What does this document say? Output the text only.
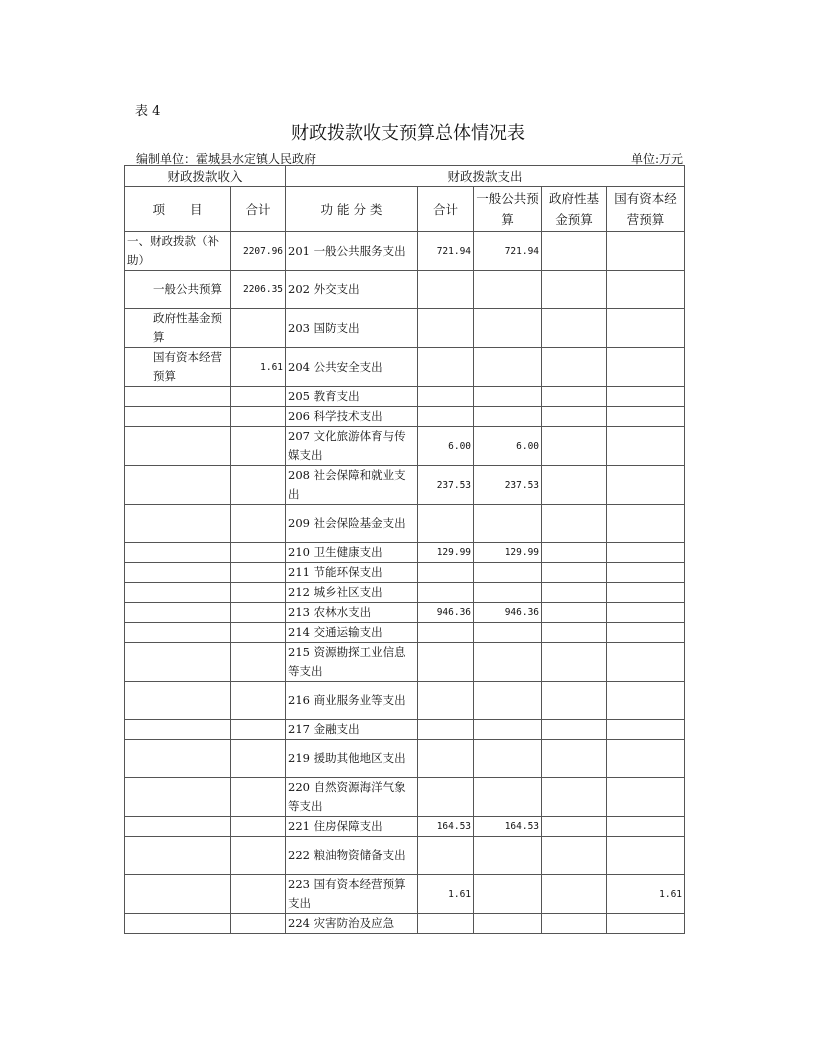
表 4
财政拨款收支预算总体情况表
编制单位：霍城县水定镇人民政府	单位:万元
财政拨款收入		财政拨款支出				
项　　目	合计	功 能 分 类	合计	一般公共预算	政府性基金预算	国有资本经营预算
一、财政拨款（补助）	2207.96	201 一般公共服务支出	721.94	721.94		
一般公共预算	2206.35	202 外交支出				
政府性基金预算		203 国防支出				
国有资本经营预算	1.61	204 公共安全支出				
		205 教育支出				
		206 科学技术支出				
		207 文化旅游体育与传媒支出	6.00	6.00		
		208 社会保障和就业支出	237.53	237.53		
		209 社会保险基金支出				
		210 卫生健康支出	129.99	129.99		
		211 节能环保支出				
		212 城乡社区支出				
		213 农林水支出	946.36	946.36		
		214 交通运输支出				
		215 资源勘探工业信息等支出				
		216 商业服务业等支出				
		217 金融支出				
		219 援助其他地区支出				
		220 自然资源海洋气象等支出				
		221 住房保障支出	164.53	164.53		
		222 粮油物资储备支出				
		223 国有资本经营预算支出	1.61			1.61
		224 灾害防治及应急				
